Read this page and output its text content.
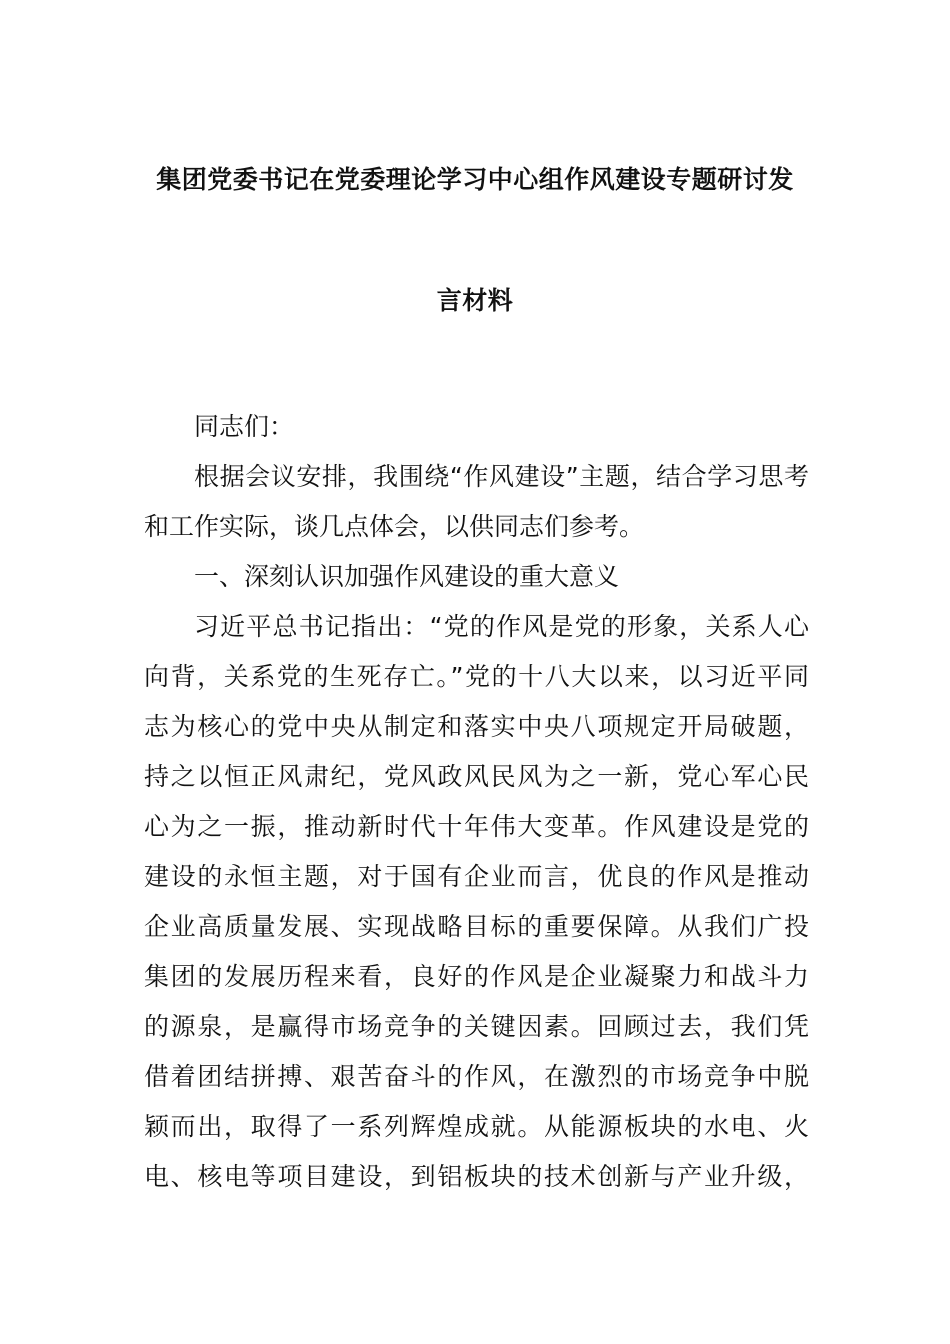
集团党委书记在党委理论学习中心组作风建设专题研讨发
言材料
同志们：
根据会议安排，我围绕“作风建设”主题，结合学习思考
和工作实际，谈几点体会，以供同志们参考。
一、深刻认识加强作风建设的重大意义
习近平总书记指出：“党的作风是党的形象，关系人心
向背，关系党的生死存亡。”党的十八大以来，以习近平同
志为核心的党中央从制定和落实中央八项规定开局破题，
持之以恒正风肃纪，党风政风民风为之一新，党心军心民
心为之一振，推动新时代十年伟大变革。作风建设是党的
建设的永恒主题，对于国有企业而言，优良的作风是推动
企业高质量发展、实现战略目标的重要保障。从我们广投
集团的发展历程来看，良好的作风是企业凝聚力和战斗力
的源泉，是赢得市场竞争的关键因素。回顾过去，我们凭
借着团结拼搏、艰苦奋斗的作风，在激烈的市场竞争中脱
颖而出，取得了一系列辉煌成就。从能源板块的水电、火
电、核电等项目建设，到铝板块的技术创新与产业升级，
